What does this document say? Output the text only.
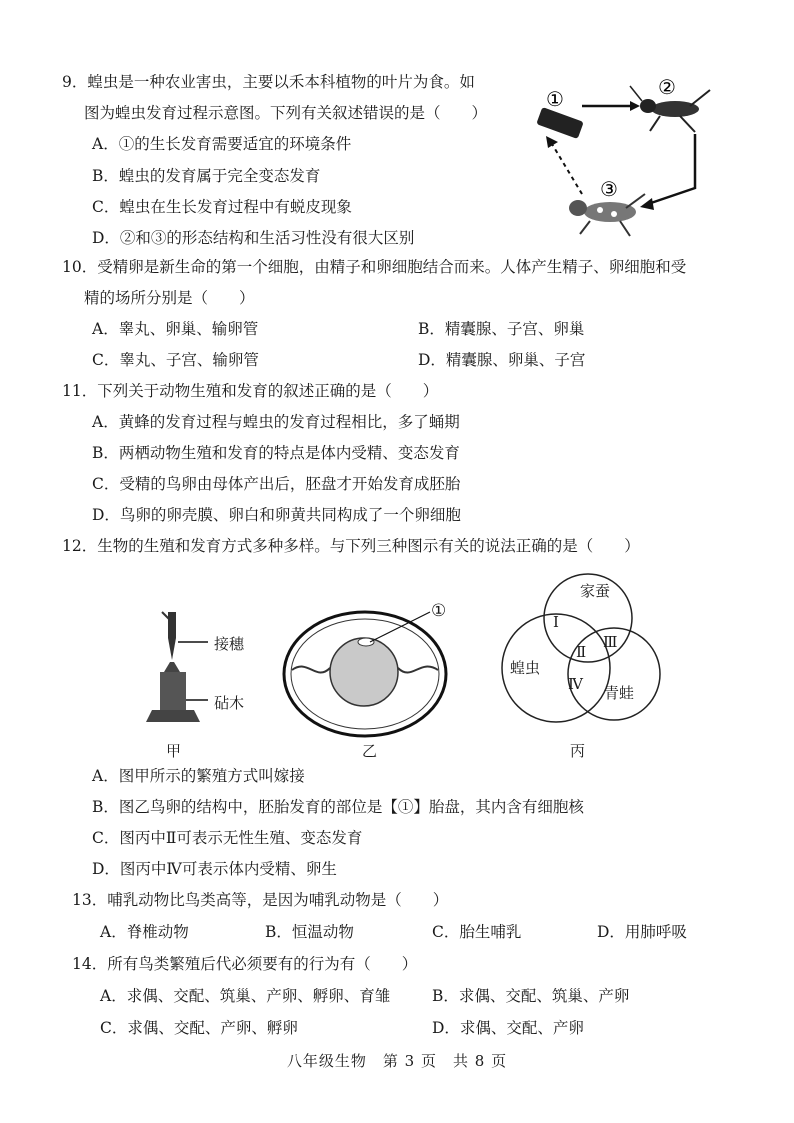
9．蝗虫是一种农业害虫，主要以禾本科植物的叶片为食。如
图为蝗虫发育过程示意图。下列有关叙述错误的是（　　）
A．①的生长发育需要适宜的环境条件
B．蝗虫的发育属于完全变态发育
C．蝗虫在生长发育过程中有蜕皮现象
D．②和③的形态结构和生活习性没有很大区别
①	②
③
10．受精卵是新生命的第一个细胞，由精子和卵细胞结合而来。人体产生精子、卵细胞和受
精的场所分别是（　　）
A．睾丸、卵巢、输卵管	B．精囊腺、子宫、卵巢
C．睾丸、子宫、输卵管	D．精囊腺、卵巢、子宫
11．下列关于动物生殖和发育的叙述正确的是（　　）
A．黄蜂的发育过程与蝗虫的发育过程相比，多了蛹期
B．两栖动物生殖和发育的特点是体内受精、变态发育
C．受精的鸟卵由母体产出后，胚盘才开始发育成胚胎
D．鸟卵的卵壳膜、卵白和卵黄共同构成了一个卵细胞
12．生物的生殖和发育方式多种多样。与下列三种图示有关的说法正确的是（　　）
接穗
砧木
甲
①
乙
家蚕
蝗虫
青蛙
Ⅰ
Ⅱ
Ⅲ
Ⅳ
丙
A．图甲所示的繁殖方式叫嫁接
B．图乙鸟卵的结构中，胚胎发育的部位是【①】胎盘，其内含有细胞核
C．图丙中Ⅱ可表示无性生殖、变态发育
D．图丙中Ⅳ可表示体内受精、卵生
13．哺乳动物比鸟类高等，是因为哺乳动物是（　　）
A．脊椎动物	B．恒温动物	C．胎生哺乳	D．用肺呼吸
14．所有鸟类繁殖后代必须要有的行为有（　　）
A．求偶、交配、筑巢、产卵、孵卵、育雏	B．求偶、交配、筑巢、产卵
C．求偶、交配、产卵、孵卵	D．求偶、交配、产卵
八年级生物　第 3 页　共 8 页
